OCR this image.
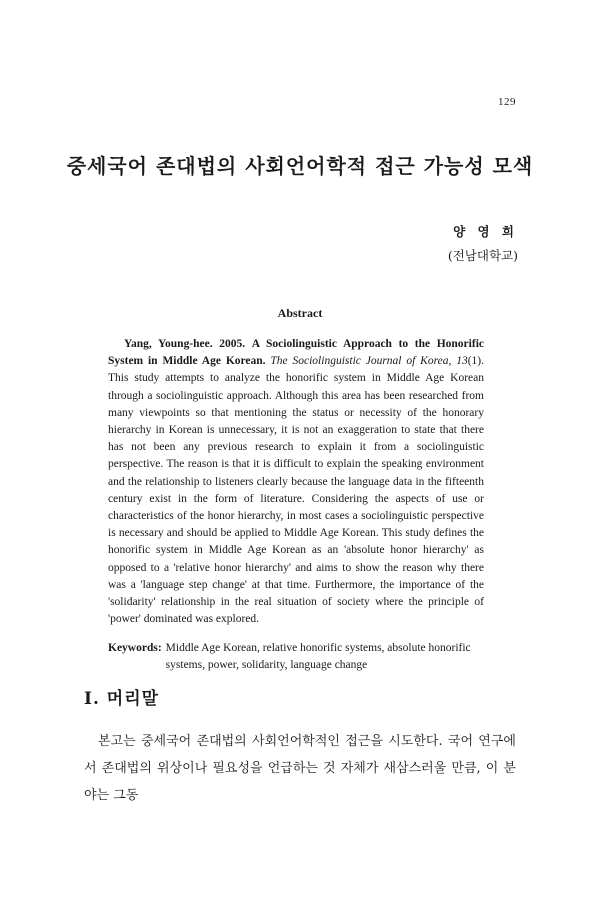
129
중세국어 존대법의 사회언어학적 접근 가능성 모색
양 영 희
(전남대학교)
Abstract
Yang, Young-hee. 2005. A Sociolinguistic Approach to the Honorific System in Middle Age Korean. The Sociolinguistic Journal of Korea, 13(1). This study attempts to analyze the honorific system in Middle Age Korean through a sociolinguistic approach. Although this area has been researched from many viewpoints so that mentioning the status or necessity of the honorary hierarchy in Korean is unnecessary, it is not an exaggeration to state that there has not been any previous research to explain it from a sociolinguistic perspective. The reason is that it is difficult to explain the speaking environment and the relationship to listeners clearly because the language data in the fifteenth century exist in the form of literature. Considering the aspects of use or characteristics of the honor hierarchy, in most cases a sociolinguistic perspective is necessary and should be applied to Middle Age Korean. This study defines the honorific system in Middle Age Korean as an 'absolute honor hierarchy' as opposed to a 'relative honor hierarchy' and aims to show the reason why there was a 'language step change' at that time. Furthermore, the importance of the 'solidarity' relationship in the real situation of society where the principle of 'power' dominated was explored.
Keywords: Middle Age Korean, relative honorific systems, absolute honorific systems, power, solidarity, language change
Ⅰ. 머리말
본고는 중세국어 존대법의 사회언어학적인 접근을 시도한다. 국어 연구에서 존대법의 위상이나 필요성을 언급하는 것 자체가 새삼스러울 만큼, 이 분야는 그동
